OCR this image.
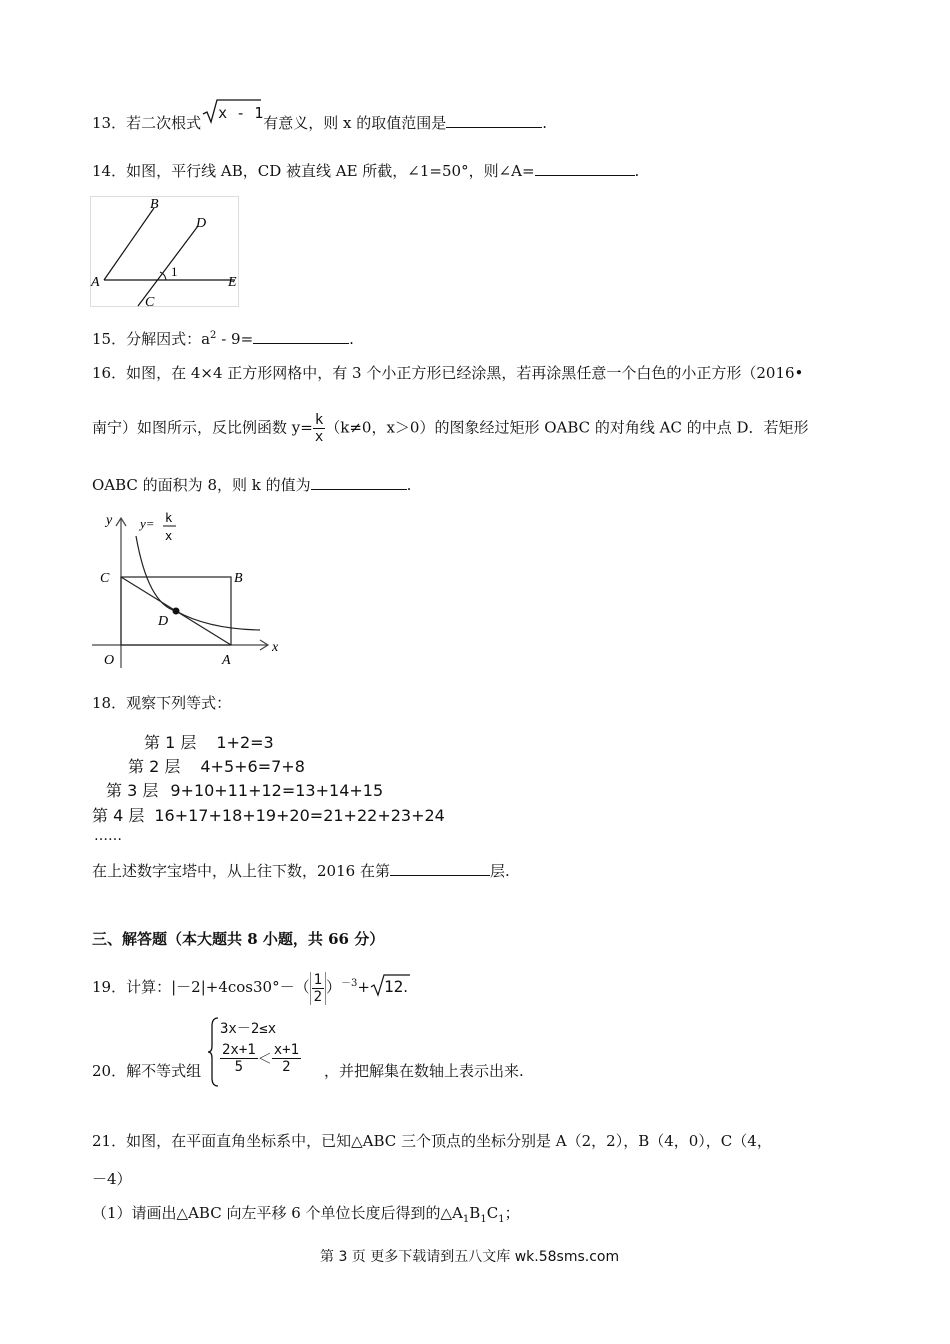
13．若二次根式
x - 1有意义，则 x 的取值范围是	.
14．如图，平行线 AB，CD 被直线 AE 所截，∠1=50°，则∠A=	.
A
B
C
D
E
1
15．分解因式：$a^2 - 9=$	.
16．如图，在 4×4 正方形网格中，有 3 个小正方形已经涂黑，若再涂黑任意一个白色的小正方形（2016•
南宁）如图所示，反比例函数 $y= \frac{k}{x} (k\ne 0$，x＞0）的图象经过矩形 OABC 的对角线 AC 的中点 D．若矩形
OABC 的面积为 8，则 k 的值为	.
y
x
y= k
x
C	B
D
O	A
18．观察下列等式：
第 1 层 1+2=3
第 2 层 4+5+6=7+8
第 3 层 9+10+11+12=13+14+15
第 4 层 16+17+18+19+20=21+22+23+24
……
在上述数字宝塔中，从上往下数，2016 在第	层.
三、解答题（本大题共 8 小题，共 66 分）
19．计算：$|-2|+4\cos 30^\circ-( \frac{1}{2} )^{-3}+ 12$.
20．解不等式组
3x－2≤x
$\frac{2x+1}{5} < \frac{x+1}{2}$ ，并把解集在数轴上表示出来.
21．如图，在平面直角坐标系中，已知△ABC 三个顶点的坐标分别是 A（2，2），B（4，0），C（4，
－4）
（1）请画出△ABC 向左平移 6 个单位长度后得到的$\triangle A_1B_1C_1$；
第 3 页 更多下载请到五八文库 wk.58sms.com
